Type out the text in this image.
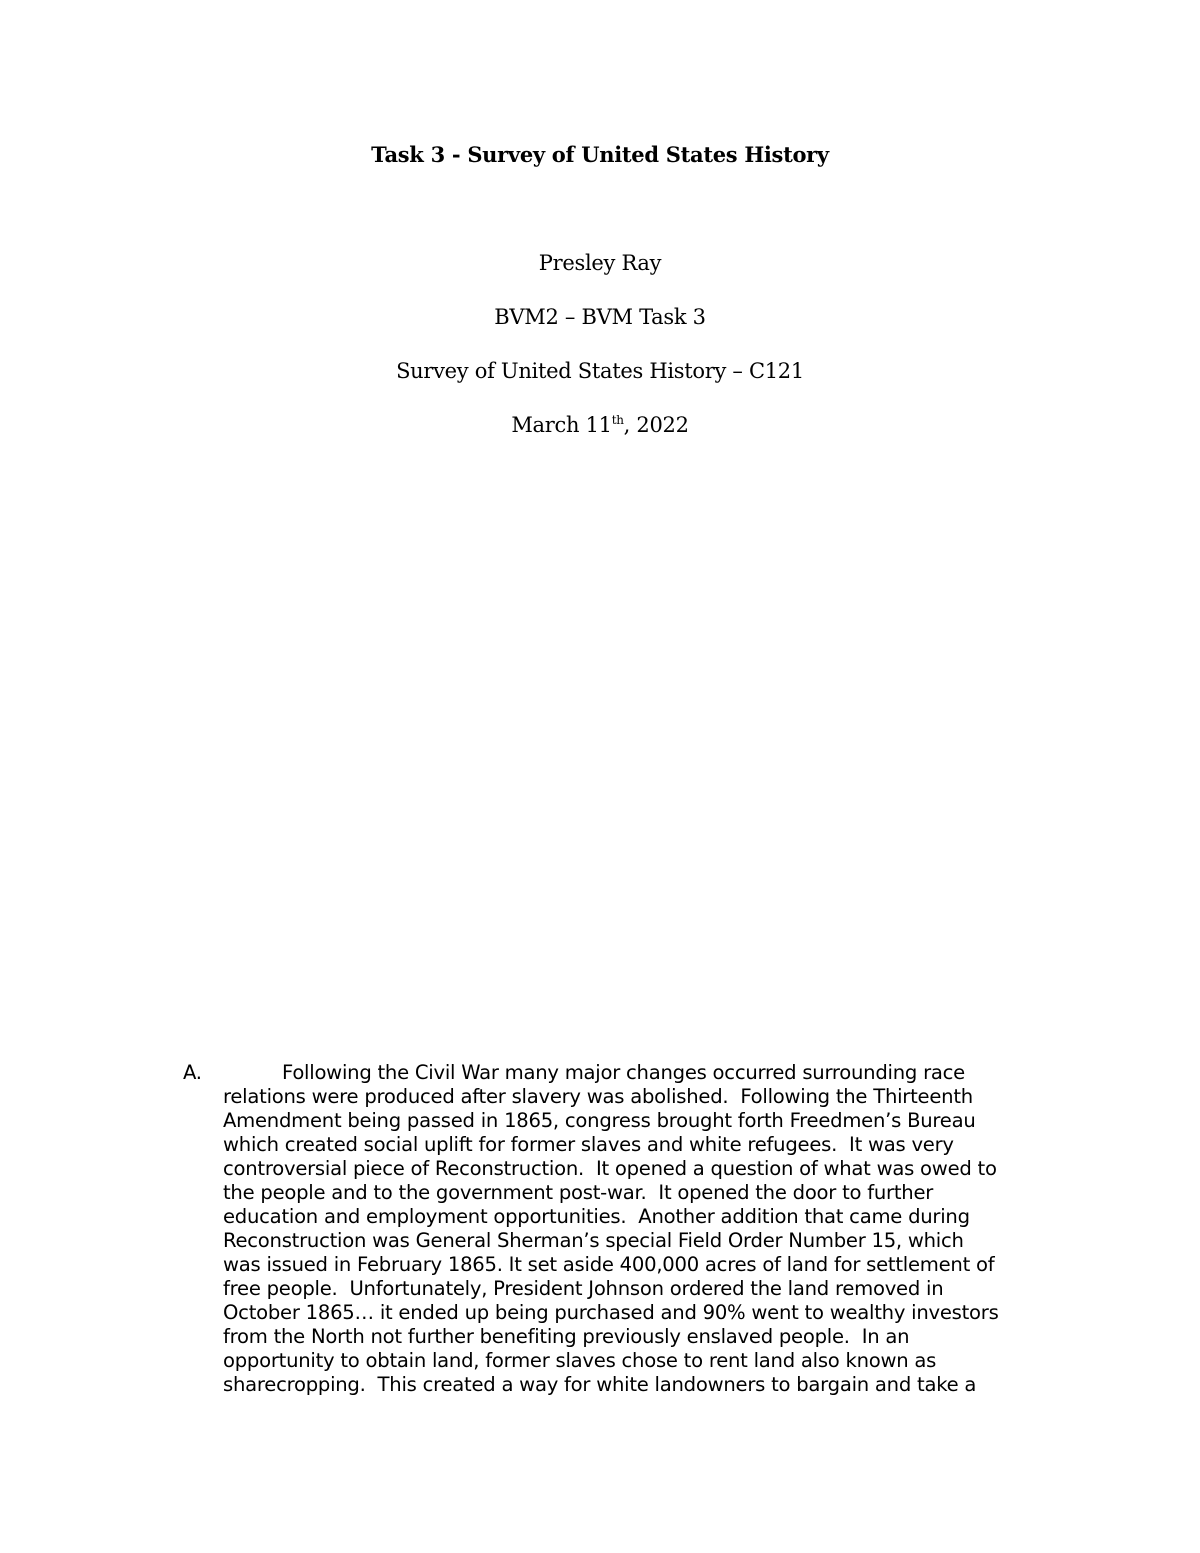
Task 3 - Survey of United States History
Presley Ray
BVM2 – BVM Task 3
Survey of United States History – C121
March 11th, 2022
A.	Following the Civil War many major changes occurred surrounding race
relations were produced after slavery was abolished.  Following the Thirteenth
Amendment being passed in 1865, congress brought forth Freedmen’s Bureau
which created social uplift for former slaves and white refugees.  It was very
controversial piece of Reconstruction.  It opened a question of what was owed to
the people and to the government post-war.  It opened the door to further
education and employment opportunities.  Another addition that came during
Reconstruction was General Sherman’s special Field Order Number 15, which
was issued in February 1865. It set aside 400,000 acres of land for settlement of
free people.  Unfortunately, President Johnson ordered the land removed in
October 1865… it ended up being purchased and 90% went to wealthy investors
from the North not further benefiting previously enslaved people.  In an
opportunity to obtain land, former slaves chose to rent land also known as
sharecropping.  This created a way for white landowners to bargain and take a
